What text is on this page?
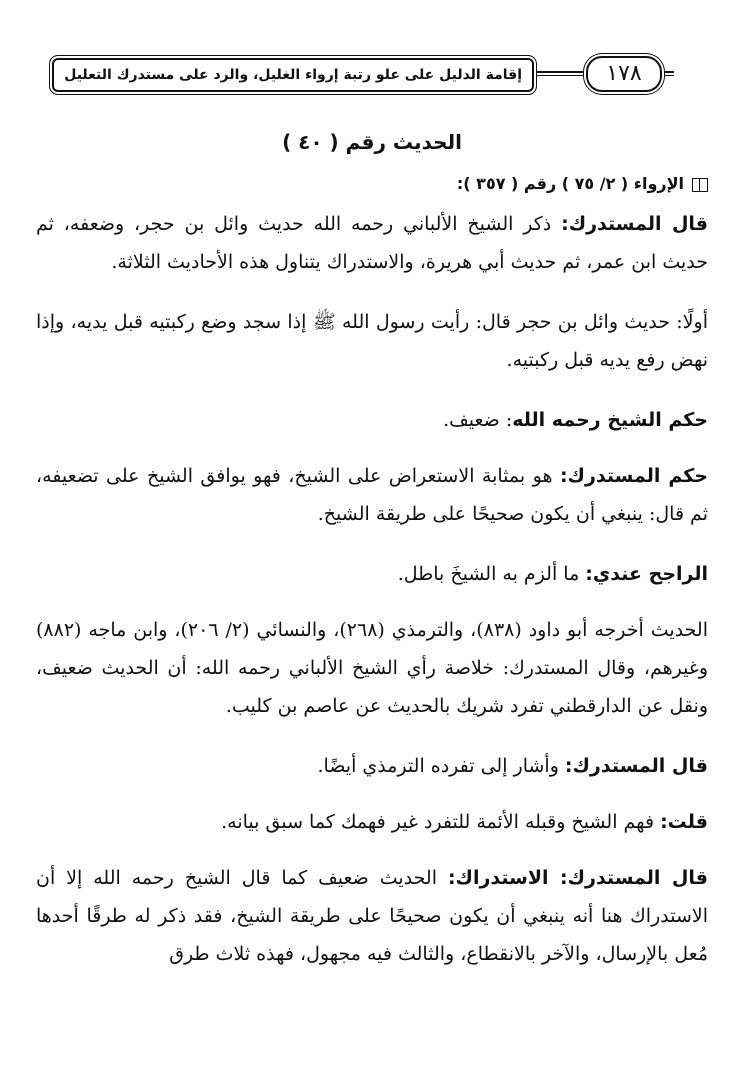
إقامة الدليل على علو رتبة إرواء الغليل، والرد على مستدرك التعليل	١٧٨
الحديث رقم ( ٤٠ )
الإرواء ( ٢/ ٧٥ ) رقم ( ٣٥٧ ):

قال المستدرك: ذكر الشيخ الألباني رحمه الله حديث وائل بن حجر، وضعفه، ثم حديث ابن عمر، ثم حديث أبي هريرة، والاستدراك يتناول هذه الأحاديث الثلاثة.

أولًا: حديث وائل بن حجر قال: رأيت رسول الله ﷺ إذا سجد وضع ركبتيه قبل يديه، وإذا نهض رفع يديه قبل ركبتيه.

حكم الشيخ رحمه الله: ضعيف.

حكم المستدرك: هو بمثابة الاستعراض على الشيخ، فهو يوافق الشيخ على تضعيفه، ثم قال: ينبغي أن يكون صحيحًا على طريقة الشيخ.

الراجح عندي: ما ألزم به الشيخَ باطل.

الحديث أخرجه أبو داود (٨٣٨)، والترمذي (٢٦٨)، والنسائي (٢/ ٢٠٦)، وابن ماجه (٨٨٢) وغيرهم، وقال المستدرك: خلاصة رأي الشيخ الألباني رحمه الله: أن الحديث ضعيف، ونقل عن الدارقطني تفرد شريك بالحديث عن عاصم بن كليب.

قال المستدرك: وأشار إلى تفرده الترمذي أيضًا.

قلت: فهم الشيخ وقبله الأئمة للتفرد غير فهمك كما سبق بيانه.

قال المستدرك: الاستدراك: الحديث ضعيف كما قال الشيخ رحمه الله إلا أن الاستدراك هنا أنه ينبغي أن يكون صحيحًا على طريقة الشيخ، فقد ذكر له طرقًا أحدها مُعل بالإرسال، والآخر بالانقطاع، والثالث فيه مجهول، فهذه ثلاث طرق
